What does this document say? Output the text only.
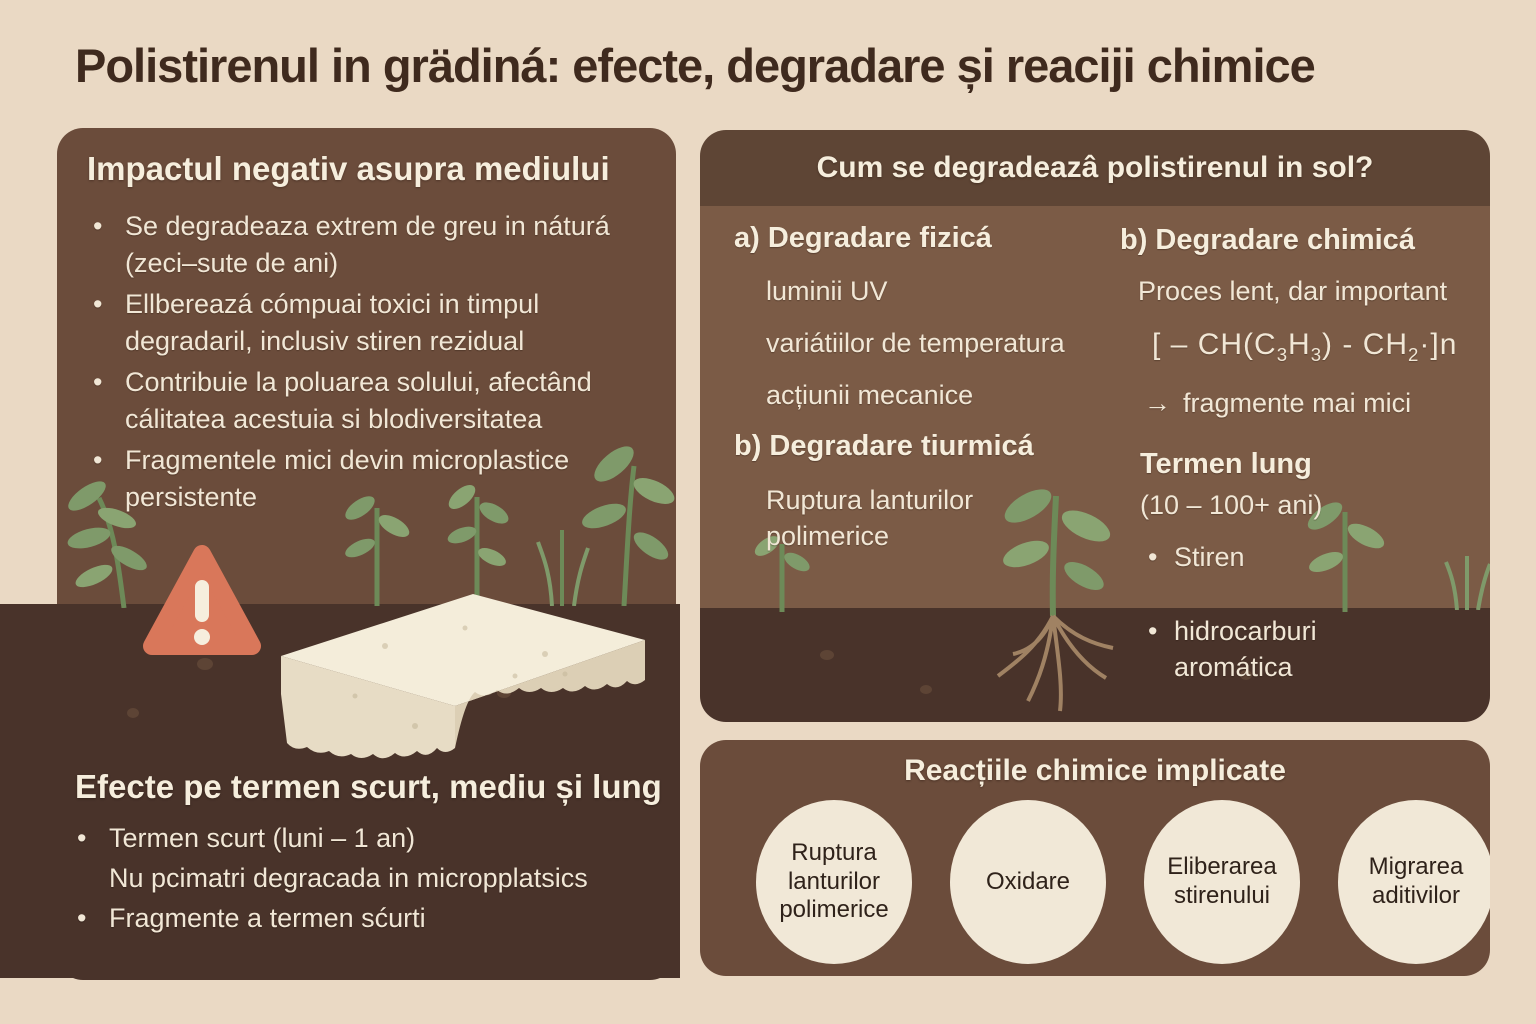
Polistirenul in grädiná: efecte, degradare și reaciji chimice
Impactul negativ asupra mediului
• Se degradeaza extrem de greu in náturá (zeci–sute de ani)
• Ellbereazá cómpuai toxici in timpul degradaril, inclusiv stiren rezidual
• Contribuie la poluarea solului, afectând cálitatea acestuia si blodiversitatea
• Fragmentele mici devin microplastice persistente
Efecte pe termen scurt, mediu și lung
• Termen scurt (luni – 1 an)
Nu pcimatri degracada in micropplatsics
• Fragmente a termen sćurti
Cum se degradeazâ polistirenul in sol?
a) Degradare fizicá
luminii UV
variátiilor de temperatura
acțiunii mecanice
b) Degradare tiurmicá
Ruptura lanturilor polimerice
b) Degradare chimicá
Proces lent, dar important
[ – $CH(C_3H_3) - CH_2\cdot]n$
→ fragmente mai mici
Termen lung
(10 – 100+ ani)
• Stiren
• hidrocarburi aromática
Reacțiile chimice implicate
Ruptura lanturilor polimerice
Oxidare
Eliberarea stirenului
Migrarea aditivilor
